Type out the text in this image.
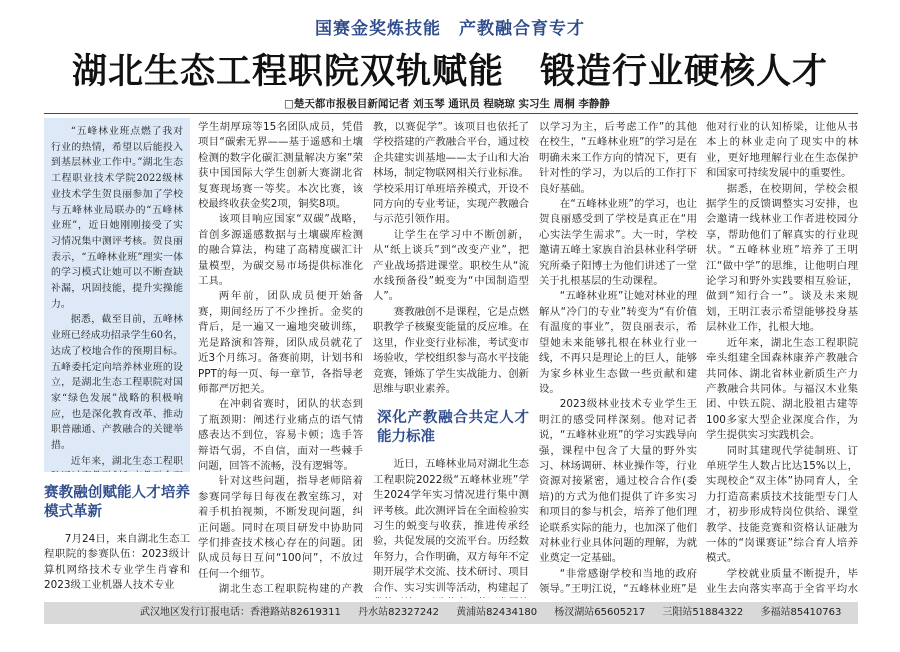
国赛金奖炼技能　产教融合育专才
湖北生态工程职院双轨赋能　锻造行业硬核人才
□楚天都市报极目新闻记者 刘玉琴 通讯员 程晓琼 实习生 周桐 李静静

“五峰林业班点燃了我对行业的热情，希望以后能投入到基层林业工作中。”湖北生态工程职业技术学院2022级林业技术学生贺良丽参加了学校与五峰林业局联办的“五峰林业班”，近日她刚刚接受了实习情况集中测评考核。贺良丽表示，“五峰林业班”理实一体的学习模式让她可以不断查缺补漏，巩固技能，提升实操能力。

据悉，截至目前，五峰林业班已经成功招录学生60名，达成了校地合作的预期目标。五峰委托定向培养林业班的设立，是湖北生态工程职院对国家“绿色发展”战略的积极响应，也是深化教育改革、推动职普融通、产教融合的关键举措。

近年来，湖北生态工程职

赛教融创赋能人才培养模式革新

7月24日，来自湖北生态工程职院的参赛队伍：2023级计算机网络技术专业学生肖睿和2023级工业机器人技术专业

学生胡厚琼等15名团队成员，凭借项目“碳索无界——基于遥感和土壤检测的数字化碳汇测量解决方案”荣获中国国际大学生创新大赛湖北省复赛现场赛一等奖。本次比赛，该校最终收获金奖2项，铜奖8项。

该项目响应国家“双碳”战略，首创多源遥感数据与土壤碳库检测的融合算法，构建了高精度碳汇计量模型，为碳交易市场提供标准化工具。

两年前，团队成员便开始备赛，期间经历了不少挫折。金奖的背后，是一遍又一遍地突破训练，光是路演和答辩，团队成员就花了近3个月练习。备赛前期，计划书和PPT的每一页、每一章节，各指导老师都严厉把关。

在冲刺省赛时，团队的状态到了瓶颈期：阐述行业痛点的语气情感表达不到位，容易卡顿；选手答辩语气弱，不自信，面对一些棘手问题，回答不流畅，没有逻辑等。

针对这些问题，指导老师陪着参赛同学每日每夜在教室练习，对着手机拍视频，不断发现问题，纠正问题。同时在项目研发中协助同学们排查技术核心存在的问题。团队成员每日互问“100问”，不放过任何一个细节。

湖北生态工程职院构建的产教

教，以赛促学”。该项目也依托了学校搭建的产教融合平台，通过校企共建实训基地——太子山和大冶林场，制定物联网相关行业标准。学校采用订单班培养模式，开设不同方向的专业考证，实现产教融合与示范引领作用。

让学生在学习中不断创新，从“纸上谈兵”到“改变产业”，把产业战场搭进课堂。职校生从“流水线预备役”蜕变为“中国制造型人”。

赛教融创不是课程，它是点燃职教学子核聚变能量的反应堆。在这里，作业变行业标准，考试变市场验收，学校组织参与高水平技能竞赛，锤炼了学生实战能力、创新思维与职业素养。

深化产教融合共定人才能力标准

近日，五峰林业局对湖北生态工程职院2022级“五峰林业班”学生2024学年实习情况进行集中测评考核。此次测评旨在全面检验实习生的蜕变与收获，推进传承经验，共促发展的交流平台。历经数年努力，合作明确，双方每年不定期开展学术交流、技术研讨、项目合作、实习实训等活动，构建起了

以学习为主，后考虑工作”的其他在校生，“五峰林业班”的学习是在明确未来工作方向的情况下，更有针对性的学习，为以后的工作打下良好基础。

在“五峰林业班”的学习，也让贺良丽感受到了学校是真正在“用心实法学生需求”。大一时，学校邀请五峰土家族自治县林业科学研究所桑子阳博士为他们讲述了一堂关于扎根基层的生动课程。

“五峰林业班”让她对林业的理解从“冷门的专业”转变为“有价值有温度的事业”，贺良丽表示，希望她未来能够扎根在林业行业一线，不再只是理论上的巨人，能够为家乡林业生态做一些贡献和建设。

2023级林业技术专业学生王明江的感受同样深刻。他对记者说，“五峰林业班”的学习实践导向强，课程中包含了大量的野外实习、林场调研、林业操作等，行业资源对接紧密，通过校合合作(委培)的方式为他们提供了许多实习和项目的参与机会，培养了他们理论联系实际的能力，也加深了他们对林业行业具体问题的理解，为就业奠定一定基础。

“非常感谢学校和当地的政府领导。”王明江说，“五峰林业班”是

他对行业的认知桥梁，让他从书本上的林业走向了现实中的林业，更好地理解行业在生态保护和国家可持续发展中的重要性。

据悉，在校期间，学校会根据学生的反馈调整实习安排，也会邀请一线林业工作者进校园分享，帮助他们了解真实的行业现状。“五峰林业班”培养了王明江“做中学”的思维，让他明白理论学习和野外实践要相互验证，做到“知行合一”。谈及未来规划，王明江表示希望能够投身基层林业工作，扎根大地。

近年来，湖北生态工程职院牵头组建全国森林康养产教融合共同体、湖北省林业新质生产力产教融合共同体。与福汉木业集团、中铁五院、湖北股祖古建等100多家大型企业深度合作，为学生提供实习实践机会。

同时其建现代学徒制班、订单班学生人数占比达15%以上，实现校企“双主体”协同育人，全力打造高素质技术技能型专门人才，初步形成特岗位供给、课堂教学、技能竞赛和资格认证融为一体的“岗课赛证”综合育人培养模式。

学校就业质量不断提升，毕业生去向落实率高于全省平均水

武汉地区发行订报电话：香港路站82619311 丹水站82327242 黄浦站82434180 杨汊湖站65605217 三阳站51884322 多福站85410763
